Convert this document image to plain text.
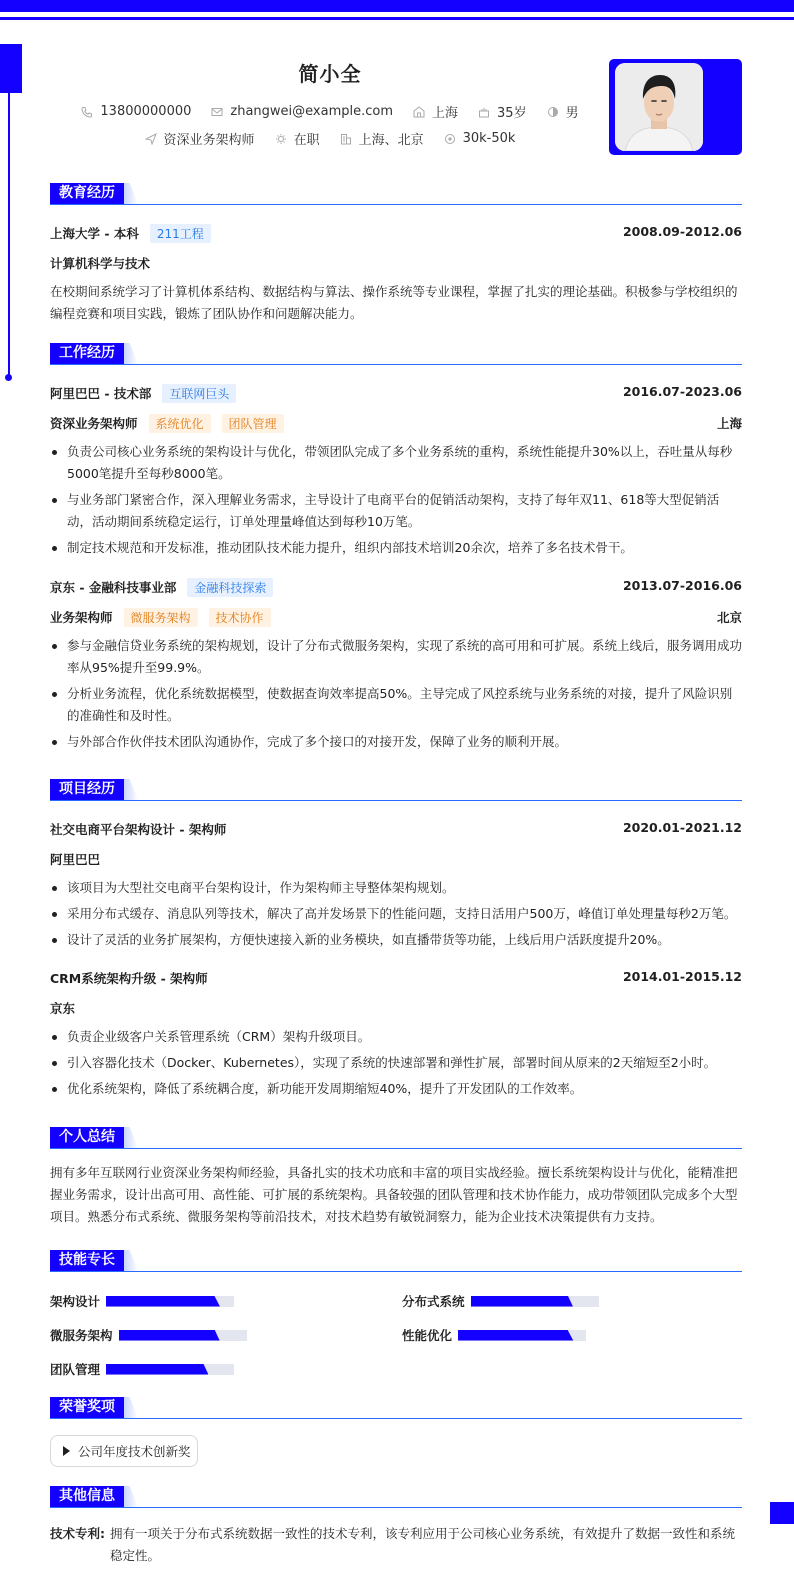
简小全
13800000000	zhangwei@example.com	上海	35岁	男
资深业务架构师	在职	上海、北京	30k-50k
教育经历
上海大学 - 本科 211工程	2008.09-2012.06
计算机科学与技术
在校期间系统学习了计算机体系结构、数据结构与算法、操作系统等专业课程，掌握了扎实的理论基础。积极参与学校组织的编程竞赛和项目实践，锻炼了团队协作和问题解决能力。
工作经历
阿里巴巴 - 技术部 互联网巨头	2016.07-2023.06
资深业务架构师 系统优化 团队管理	上海
负责公司核心业务系统的架构设计与优化，带领团队完成了多个业务系统的重构，系统性能提升30%以上，吞吐量从每秒5000笔提升至每秒8000笔。
与业务部门紧密合作，深入理解业务需求，主导设计了电商平台的促销活动架构，支持了每年双11、618等大型促销活动，活动期间系统稳定运行，订单处理量峰值达到每秒10万笔。
制定技术规范和开发标准，推动团队技术能力提升，组织内部技术培训20余次，培养了多名技术骨干。
京东 - 金融科技事业部 金融科技探索	2013.07-2016.06
业务架构师 微服务架构 技术协作	北京
参与金融信贷业务系统的架构规划，设计了分布式微服务架构，实现了系统的高可用和可扩展。系统上线后，服务调用成功率从95%提升至99.9%。
分析业务流程，优化系统数据模型，使数据查询效率提高50%。主导完成了风控系统与业务系统的对接，提升了风险识别的准确性和及时性。
与外部合作伙伴技术团队沟通协作，完成了多个接口的对接开发，保障了业务的顺利开展。
项目经历
社交电商平台架构设计 - 架构师	2020.01-2021.12
阿里巴巴
该项目为大型社交电商平台架构设计，作为架构师主导整体架构规划。
采用分布式缓存、消息队列等技术，解决了高并发场景下的性能问题，支持日活用户500万，峰值订单处理量每秒2万笔。
设计了灵活的业务扩展架构，方便快速接入新的业务模块，如直播带货等功能，上线后用户活跃度提升20%。
CRM系统架构升级 - 架构师	2014.01-2015.12
京东
负责企业级客户关系管理系统（CRM）架构升级项目。
引入容器化技术（Docker、Kubernetes），实现了系统的快速部署和弹性扩展，部署时间从原来的2天缩短至2小时。
优化系统架构，降低了系统耦合度，新功能开发周期缩短40%，提升了开发团队的工作效率。
个人总结
拥有多年互联网行业资深业务架构师经验，具备扎实的技术功底和丰富的项目实战经验。擅长系统架构设计与优化，能精准把握业务需求，设计出高可用、高性能、可扩展的系统架构。具备较强的团队管理和技术协作能力，成功带领团队完成多个大型项目。熟悉分布式系统、微服务架构等前沿技术，对技术趋势有敏锐洞察力，能为企业技术决策提供有力支持。
技能专长
架构设计	分布式系统
微服务架构	性能优化
团队管理
荣誉奖项
公司年度技术创新奖
其他信息
技术专利: 拥有一项关于分布式系统数据一致性的技术专利，该专利应用于公司核心业务系统，有效提升了数据一致性和系统稳定性。
